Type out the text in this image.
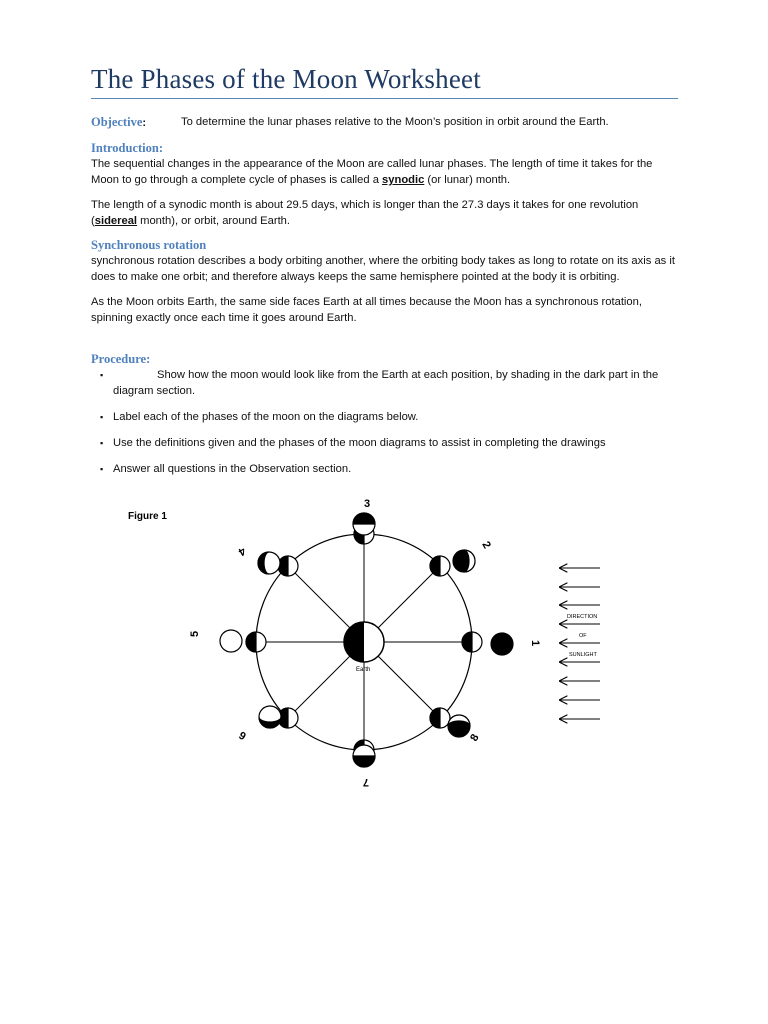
The Phases of the Moon Worksheet
Objective:	To determine the lunar phases relative to the Moon’s position in orbit around the Earth.
Introduction:
The sequential changes in the appearance of the Moon are called lunar phases. The length of time it takes for the Moon to go through a complete cycle of phases is called a synodic (or lunar) month.
The length of a synodic month is about 29.5 days, which is longer than the 27.3 days it takes for one revolution (sidereal month), or orbit, around Earth.
Synchronous rotation
synchronous rotation describes a body orbiting another, where the orbiting body takes as long to rotate on its axis as it does to make one orbit; and therefore always keeps the same hemisphere pointed at the body it is orbiting.
As the Moon orbits Earth, the same side faces Earth at all times because the Moon has a synchronous rotation, spinning exactly once each time it goes around Earth.
Procedure:
▪ Show how the moon would look like from the Earth at each position, by shading in the dark part in the diagram section.
▪ Label each of the phases of the moon on the diagrams below.
▪ Use the definitions given and the phases of the moon diagrams to assist in completing the drawings
▪ Answer all questions in the Observation section.
Figure 1
Earth
1
2
3
4
5
6
7
8
DIRECTION
OF
SUNLIGHT
